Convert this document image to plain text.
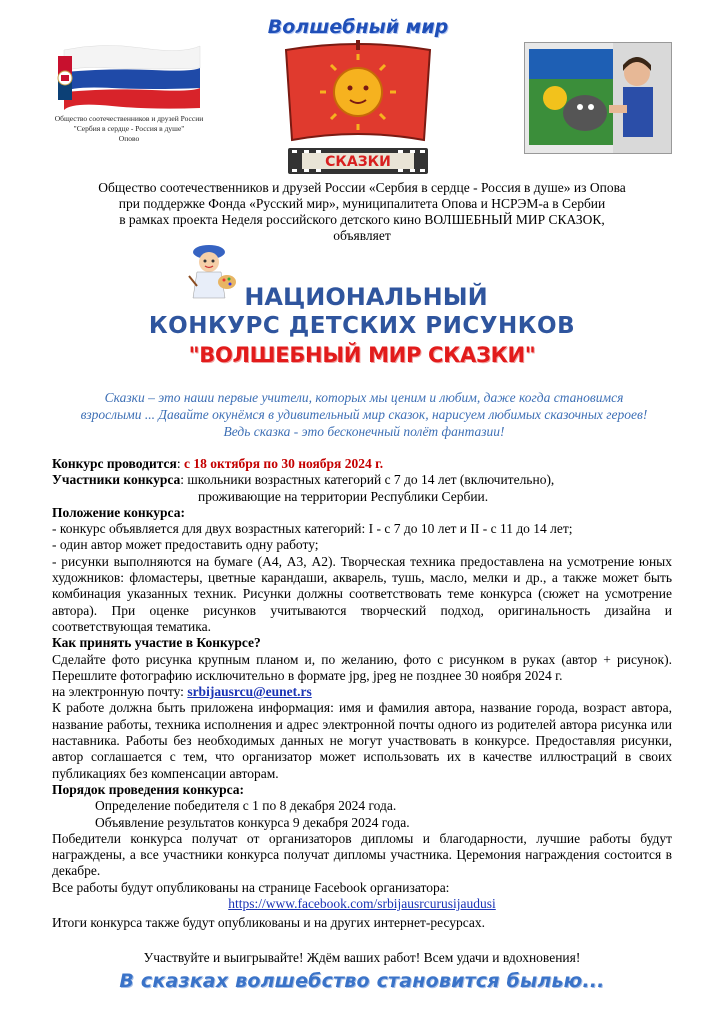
Общество соотечественников и друзей России
"Сербия в сердце - Россия в душе"
Опово
Волшебный мир
СКАЗКИ
Общество соотечественников и друзей России «Сербия в сердце - Россия в душе» из Опова
при поддержке Фонда «Русский мир», муниципалитета Опова и НСРЭМ-а в Сербии
в рамках проекта Неделя российского детского кино ВОЛШЕБНЫЙ МИР СКАЗОК,
объявляет
НАЦИОНАЛЬНЫЙ
КОНКУРС ДЕТСКИХ РИСУНКОВ
"ВОЛШЕБНЫЙ МИР СКАЗКИ"
Сказки – это наши первые учители, которых мы ценим и любим, даже когда становимся
взрослыми ... Давайте окунёмся в удивительный мир сказок, нарисуем любимых сказочных героев!
Ведь сказка - это бесконечный полёт фантазии!

Конкурс проводится: с 18 октября по 30 ноября 2024 г.

Участники конкурса: школьники возрастных категорий с 7 до 14 лет (включительно),

проживающие на территории Республики Сербии.

Положение конкурса:

- конкурс объявляется для двух возрастных категорий: I - с 7 до 10 лет и II - с 11 до 14 лет;

- один автор может предоставить одну работу;

- рисунки выполняются на бумаге (А4, А3, А2). Творческая техника предоставлена на усмотрение юных художников: фломастеры, цветные карандаши, акварель, тушь, масло, мелки и др., а также может быть комбинация указанных техник. Рисунки должны соответствовать теме конкурса (сюжет на усмотрение автора). При оценке рисунков учитываются творческий подход, оригинальность дизайна и соответствующая тематика.

Как принять участие в Конкурсе?

Сделайте фото рисунка крупным планом и, по желанию, фото с рисунком в руках (автор + рисунок). Перешлите фотографию исключительно в формате jpg, jpeg не позднее 30 ноября 2024 г.

на электронную почту: srbijausrcu@eunet.rs

К работе должна быть приложена информация: имя и фамилия автора, название города, возраст автора, название работы, техника исполнения и адрес электронной почты одного из родителей автора рисунка или наставника. Работы без необходимых данных не могут участвовать в конкурсе. Предоставляя рисунки, автор соглашается с тем, что организатор может использовать их в качестве иллюстраций в своих публикациях без компенсации авторам.

Порядок проведения конкурса:

Определение победителя с 1 по 8 декабря 2024 года.

Объявление результатов конкурса 9 декабря 2024 года.

Победители конкурса получат от организаторов дипломы и благодарности, лучшие работы будут награждены, а все участники конкурса получат дипломы участника. Церемония награждения состоится в декабре.

Все работы будут опубликованы на странице Facebook организатора:

https://www.facebook.com/srbijausrcurusijaudusi

Итоги конкурса также будут опубликованы и на других интернет-ресурсах.

Участвуйте и выигрывайте! Ждём ваших работ! Всем удачи и вдохновения!
В сказках волшебство становится былью...
